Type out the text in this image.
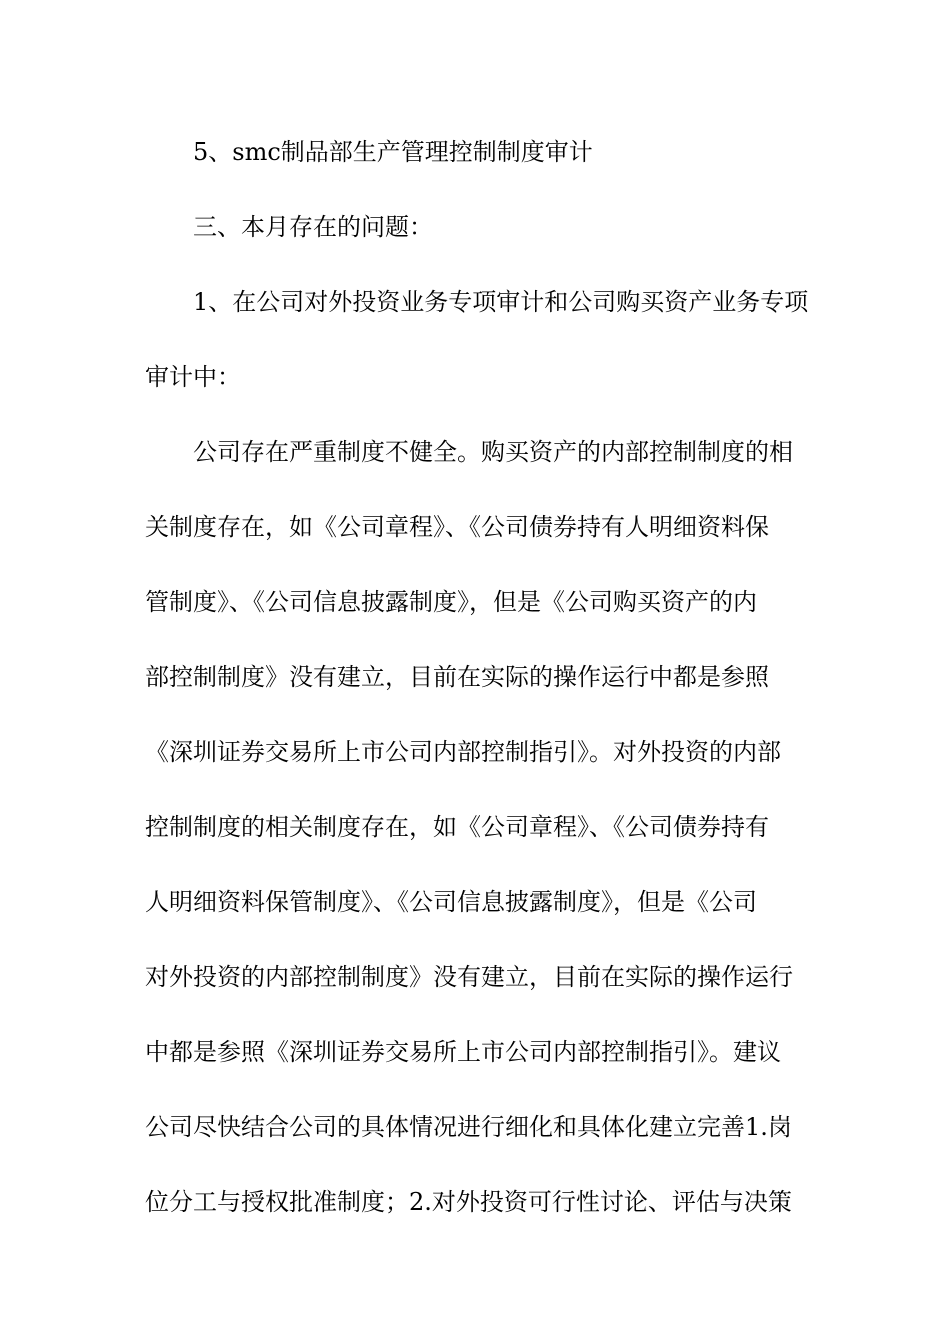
5、smc制品部生产管理控制制度审计
三、本月存在的问题：
1、在公司对外投资业务专项审计和公司购买资产业务专项
审计中：
公司存在严重制度不健全。购买资产的内部控制制度的相
关制度存在，如《公司章程》、《公司债券持有人明细资料保
管制度》、《公司信息披露制度》，但是《公司购买资产的内
部控制制度》没有建立，目前在实际的操作运行中都是参照
《深圳证券交易所上市公司内部控制指引》。对外投资的内部
控制制度的相关制度存在，如《公司章程》、《公司债券持有
人明细资料保管制度》、《公司信息披露制度》，但是《公司
对外投资的内部控制制度》没有建立，目前在实际的操作运行
中都是参照《深圳证券交易所上市公司内部控制指引》。建议
公司尽快结合公司的具体情况进行细化和具体化建立完善1.岗
位分工与授权批准制度；2.对外投资可行性讨论、评估与决策
